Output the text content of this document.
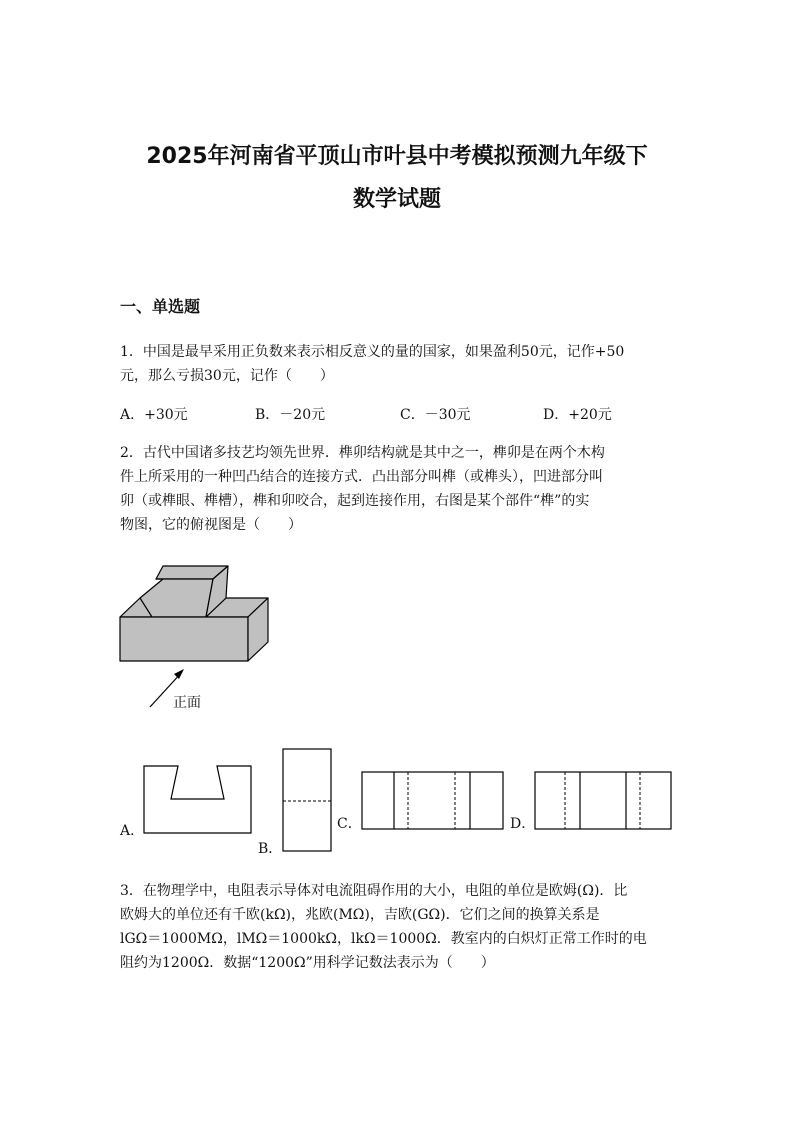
2025年河南省平顶山市叶县中考模拟预测九年级下
数学试题
一、单选题
1．中国是最早采用正负数来表示相反意义的量的国家，如果盈利50元，记作+50
元，那么亏损30元，记作（　　）
A．+30元	B．－20元	C．－30元	D．+20元
2．古代中国诸多技艺均领先世界．榫卯结构就是其中之一，榫卯是在两个木构
件上所采用的一种凹凸结合的连接方式．凸出部分叫榫（或榫头），凹进部分叫
卯（或榫眼、榫槽），榫和卯咬合，起到连接作用，右图是某个部件“榫”的实
物图，它的俯视图是（　　）
正面
A．
B．
C．	D．
3．在物理学中，电阻表示导体对电流阻碍作用的大小，电阻的单位是欧姆(Ω)．比
欧姆大的单位还有千欧(kΩ)，兆欧(MΩ)，吉欧(GΩ)．它们之间的换算关系是
lGΩ＝1000MΩ，lMΩ＝1000kΩ，lkΩ＝1000Ω．教室内的白炽灯正常工作时的电
阻约为1200Ω．数据“1200Ω”用科学记数法表示为（　　）
